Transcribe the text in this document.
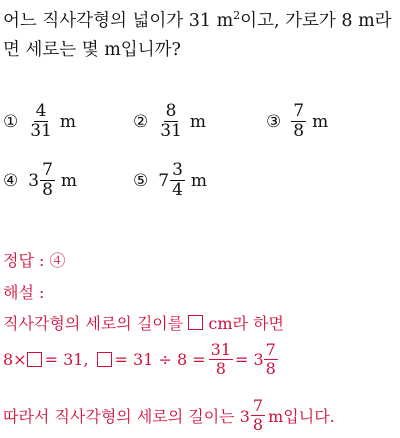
어느 직사각형의 넓이가 31 $m^2$이고, 가로가 8 m라
면 세로는 몇 m입니까?
① $\frac{4}{31}$ m	② $\frac{8}{31}$ m	③ $\frac{7}{8}$ m
④ $3 \frac{7}{8}$ m	⑤ $7 \frac{3}{4}$ m
정답 : ④
해설 :
직사각형의 세로의 길이를 cm라 하면
8× = 31, = $31 \div 8 = \frac{31}{8} = 3 \frac{7}{8}$
따라서 직사각형의 세로의 길이는 $3 \frac{7}{8}$ m입니다.
